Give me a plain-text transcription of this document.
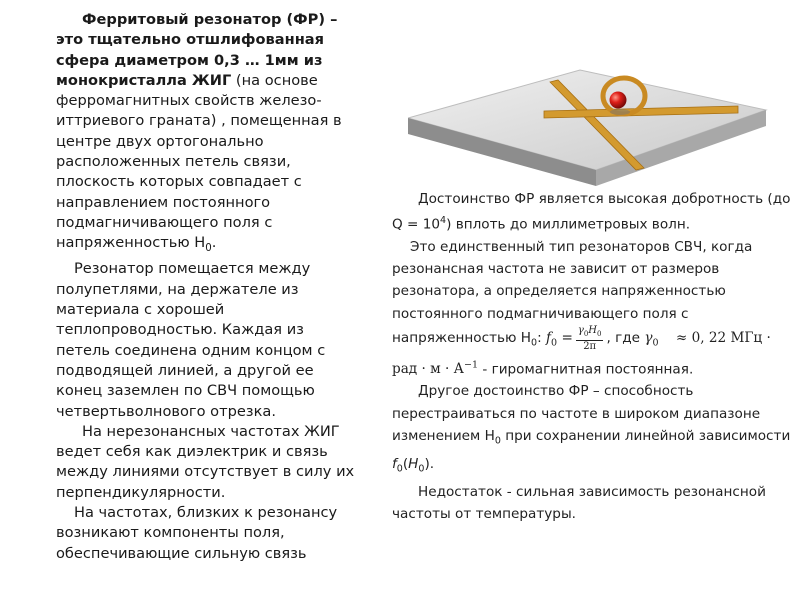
Ферритовый резонатор (ФР) – это тщательно отшлифованная сфера диаметром 0,3 … 1мм из монокристалла ЖИГ (на основе ферромагнитных свойств железо-иттриевого граната) , помещенная в центре двух ортогонально расположенных петель связи, плоскость которых совпадает с направлением постоянного подмагничивающего поля с напряженностью $Н_0$.

Резонатор помещается между полупетлями, на держателе из материала с хорошей теплопроводностью. Каждая из петель соединена одним концом с подводящей линией, а другой ее конец заземлен по СВЧ помощью четвертьволнового отрезка.

На нерезонансных частотах ЖИГ ведет себя как диэлектрик и связь между линиями отсутствует в силу их перпендикулярности.

На частотах, близких к резонансу возникают компоненты поля, обеспечивающие сильную связь

Достоинство ФР является высокая добротность (до $Q = 10^4$) вплоть до миллиметровых волн.

Это единственный тип резонаторов СВЧ, когда резонансная частота не зависит от размеров резонатора, а определяется напряженностью постоянного подмагничивающего поля с напряженностью $Н_0$: $f_0 = \frac{\gamma_0H_0}{2\pi}$ , где $\gamma_0 \approx 0$, 22 МГц · рад · $м \cdot А^{-1}$ - гиромагнитная постоянная.

Другое достоинство ФР – способность перестраиваться по частоте в широком диапазоне изменением $Н_0$ при сохранении линейной зависимости $f_0(H_0)$.

Недостаток - сильная зависимость резонансной частоты от температуры.
